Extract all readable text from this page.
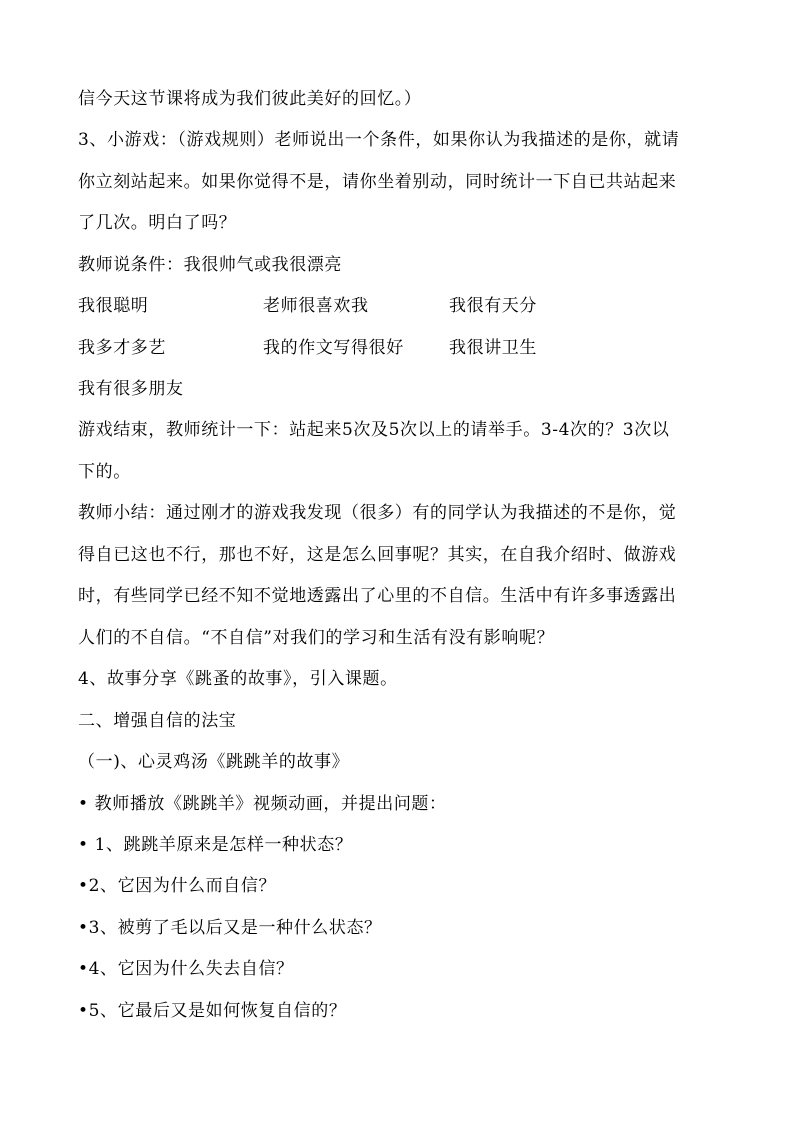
信今天这节课将成为我们彼此美好的回忆。）
3、小游戏：（游戏规则）老师说出一个条件，如果你认为我描述的是你，就请
你立刻站起来。如果你觉得不是，请你坐着别动，同时统计一下自已共站起来
了几次。明白了吗？
教师说条件：我很帅气或我很漂亮
我很聪明	老师很喜欢我	我很有天分
我多才多艺	我的作文写得很好	我很讲卫生
我有很多朋友
游戏结束，教师统计一下：站起来5次及5次以上的请举手。3-4次的？3次以
下的。
教师小结：通过刚才的游戏我发现（很多）有的同学认为我描述的不是你，觉
得自已这也不行，那也不好，这是怎么回事呢？其实，在自我介绍时、做游戏
时，有些同学已经不知不觉地透露出了心里的不自信。生活中有许多事透露出
人们的不自信。“不自信”对我们的学习和生活有没有影响呢？
4、故事分享《跳蚤的故事》，引入课题。
二、增强自信的法宝
（一)、心灵鸡汤《跳跳羊的故事》
• 教师播放《跳跳羊》视频动画，并提出问题：
• 1、跳跳羊原来是怎样一种状态？
•2、它因为什么而自信？
•3、被剪了毛以后又是一种什么状态？
•4、它因为什么失去自信？
•5、它最后又是如何恢复自信的？
